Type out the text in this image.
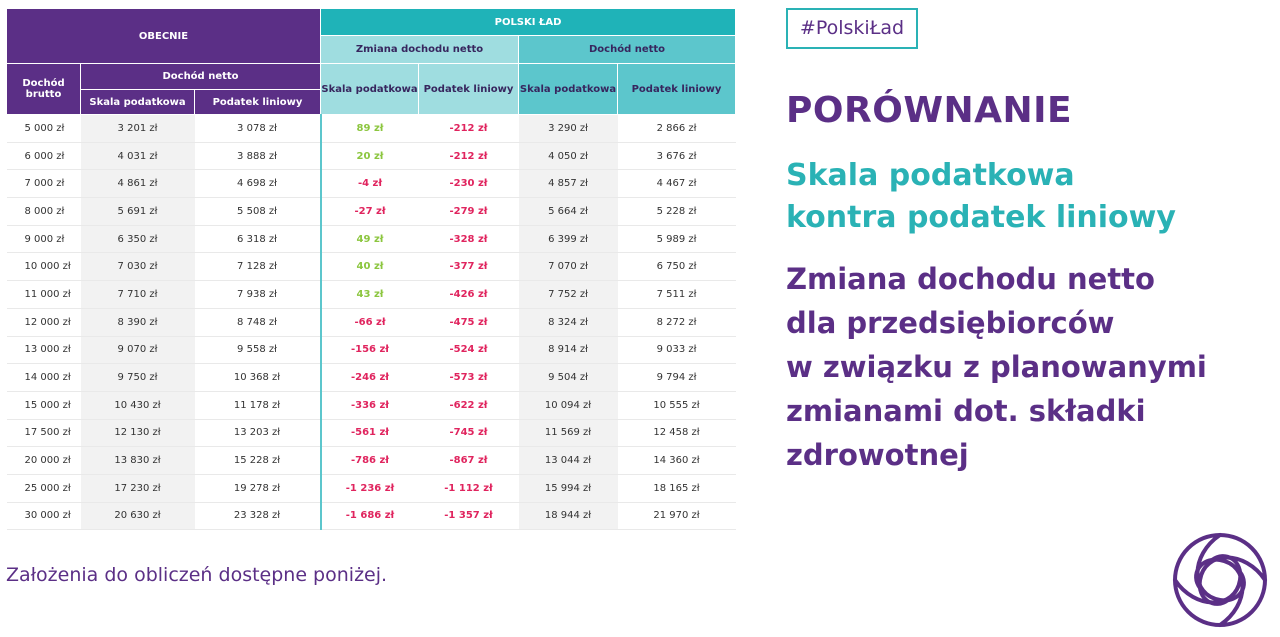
OBECNIE			POLSKI ŁAD			
			Zmiana dochodu netto		Dochód netto	
Dochód brutto	Dochód netto		Skala podatkowa	Podatek liniowy	Skala podatkowa	Podatek liniowy
	Skala podatkowa	Podatek liniowy				
5 000 zł	3 201 zł	3 078 zł	89 zł	-212 zł	3 290 zł	2 866 zł
6 000 zł	4 031 zł	3 888 zł	20 zł	-212 zł	4 050 zł	3 676 zł
7 000 zł	4 861 zł	4 698 zł	-4 zł	-230 zł	4 857 zł	4 467 zł
8 000 zł	5 691 zł	5 508 zł	-27 zł	-279 zł	5 664 zł	5 228 zł
9 000 zł	6 350 zł	6 318 zł	49 zł	-328 zł	6 399 zł	5 989 zł
10 000 zł	7 030 zł	7 128 zł	40 zł	-377 zł	7 070 zł	6 750 zł
11 000 zł	7 710 zł	7 938 zł	43 zł	-426 zł	7 752 zł	7 511 zł
12 000 zł	8 390 zł	8 748 zł	-66 zł	-475 zł	8 324 zł	8 272 zł
13 000 zł	9 070 zł	9 558 zł	-156 zł	-524 zł	8 914 zł	9 033 zł
14 000 zł	9 750 zł	10 368 zł	-246 zł	-573 zł	9 504 zł	9 794 zł
15 000 zł	10 430 zł	11 178 zł	-336 zł	-622 zł	10 094 zł	10 555 zł
17 500 zł	12 130 zł	13 203 zł	-561 zł	-745 zł	11 569 zł	12 458 zł
20 000 zł	13 830 zł	15 228 zł	-786 zł	-867 zł	13 044 zł	14 360 zł
25 000 zł	17 230 zł	19 278 zł	-1 236 zł	-1 112 zł	15 994 zł	18 165 zł
30 000 zł	20 630 zł	23 328 zł	-1 686 zł	-1 357 zł	18 944 zł	21 970 zł
#PolskiŁad
PORÓWNANIE

Skala podatkowa

kontra podatek liniowy

Zmiana dochodu netto

dla przedsiębiorców

w związku z planowanymi

zmianami dot. składki

zdrowotnej

Założenia do obliczeń dostępne poniżej.
